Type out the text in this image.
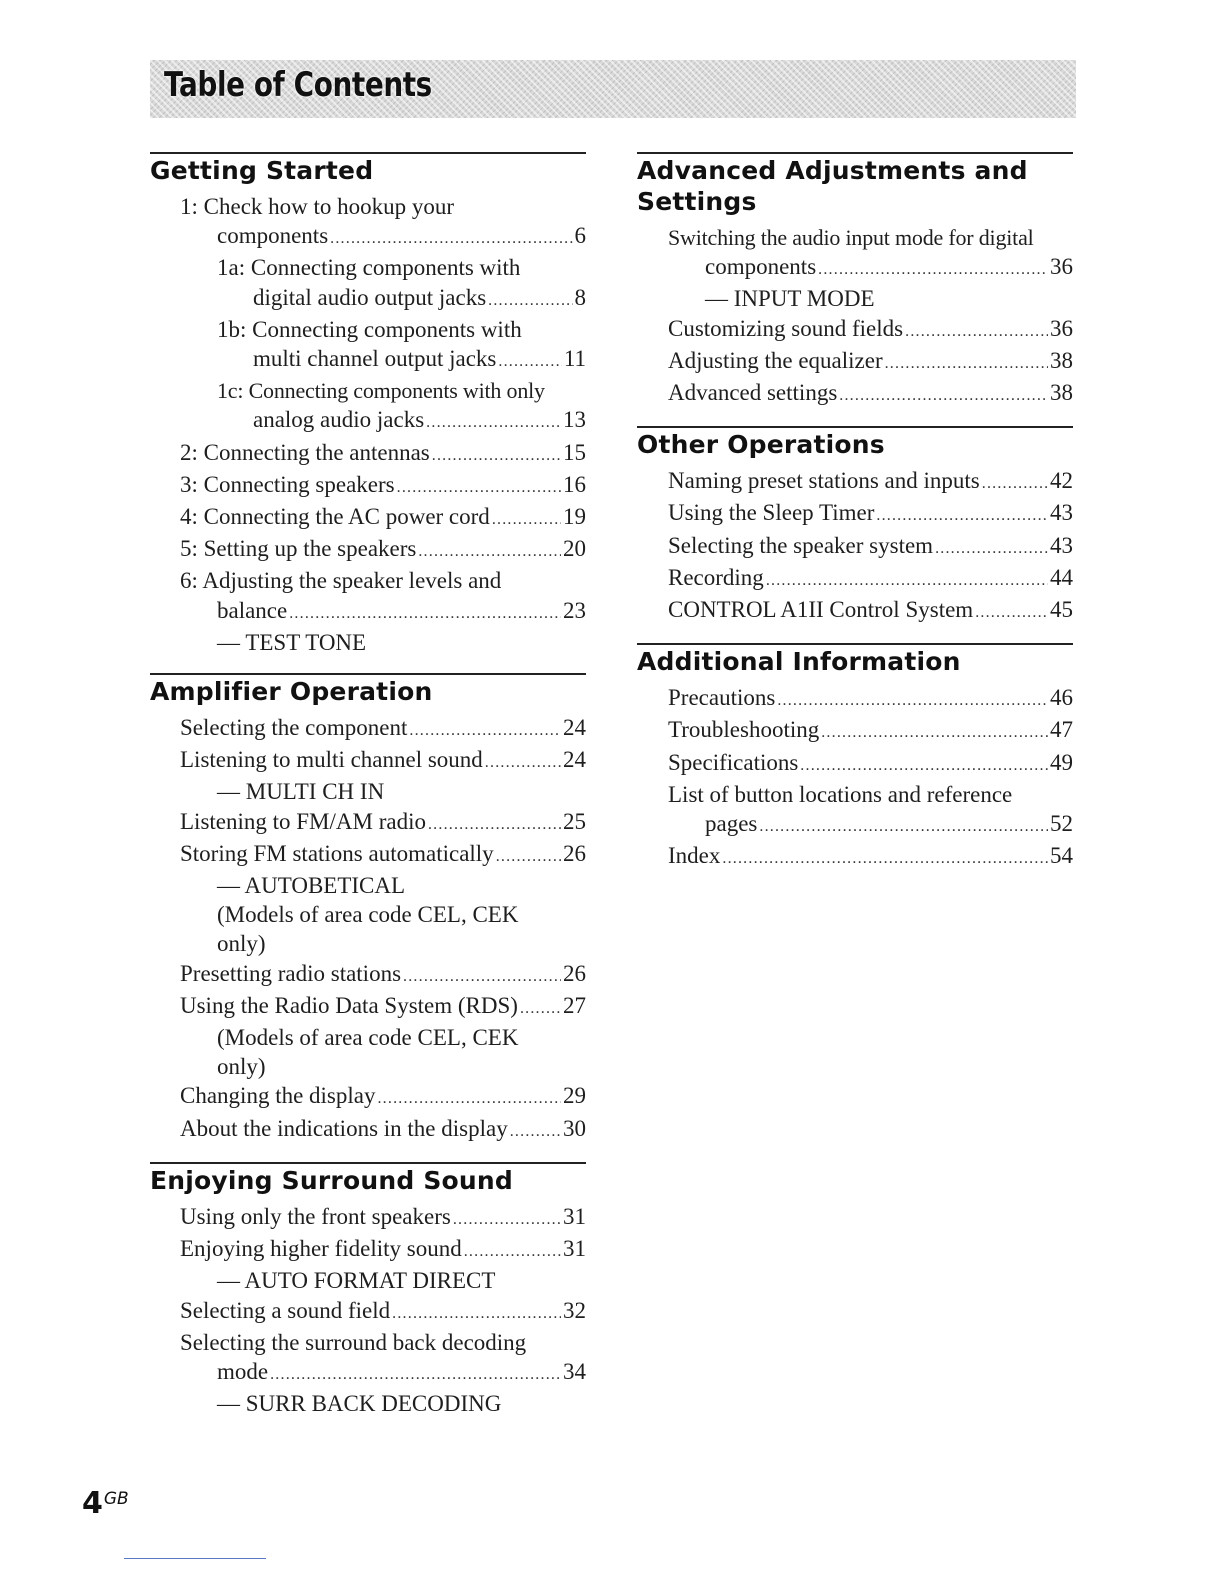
Table of Contents
Getting Started
1: Check how to hookup your
components .....	6
1a: Connecting components with
digital audio output jacks .....	8
1b: Connecting components with
multi channel output jacks .....	11
1c: Connecting components with only
analog audio jacks .....	13
2: Connecting the antennas .....	15
3: Connecting speakers .....	16
4: Connecting the AC power cord .....	19
5: Setting up the speakers .....	20
6: Adjusting the speaker levels and
balance .....	23
— TEST TONE
Amplifier Operation
Selecting the component .....	24
Listening to multi channel sound .....	24
— MULTI CH IN
Listening to FM/AM radio .....	25
Storing FM stations automatically .....	26
— AUTOBETICAL
(Models of area code CEL, CEK
only)
Presetting radio stations .....	26
Using the Radio Data System (RDS) ..... 27
(Models of area code CEL, CEK
only)
Changing the display .....	29
About the indications in the display ..... 30
Enjoying Surround Sound
Using only the front speakers .....	31
Enjoying higher fidelity sound .....	31
— AUTO FORMAT DIRECT
Selecting a sound field .....	32
Selecting the surround back decoding
mode .....	34
— SURR BACK DECODING
Advanced Adjustments and Settings
Switching the audio input mode for digital
components .....	36
— INPUT MODE
Customizing sound fields .....	36
Adjusting the equalizer .....	38
Advanced settings .....	38
Other Operations
Naming preset stations and inputs .....	42
Using the Sleep Timer .....	43
Selecting the speaker system .....	43
Recording .....	44
CONTROL A1II Control System .....	45
Additional Information
Precautions .....	46
Troubleshooting .....	47
Specifications .....	49
List of button locations and reference
pages .....	52
Index .....	54
$4^{GB}$
